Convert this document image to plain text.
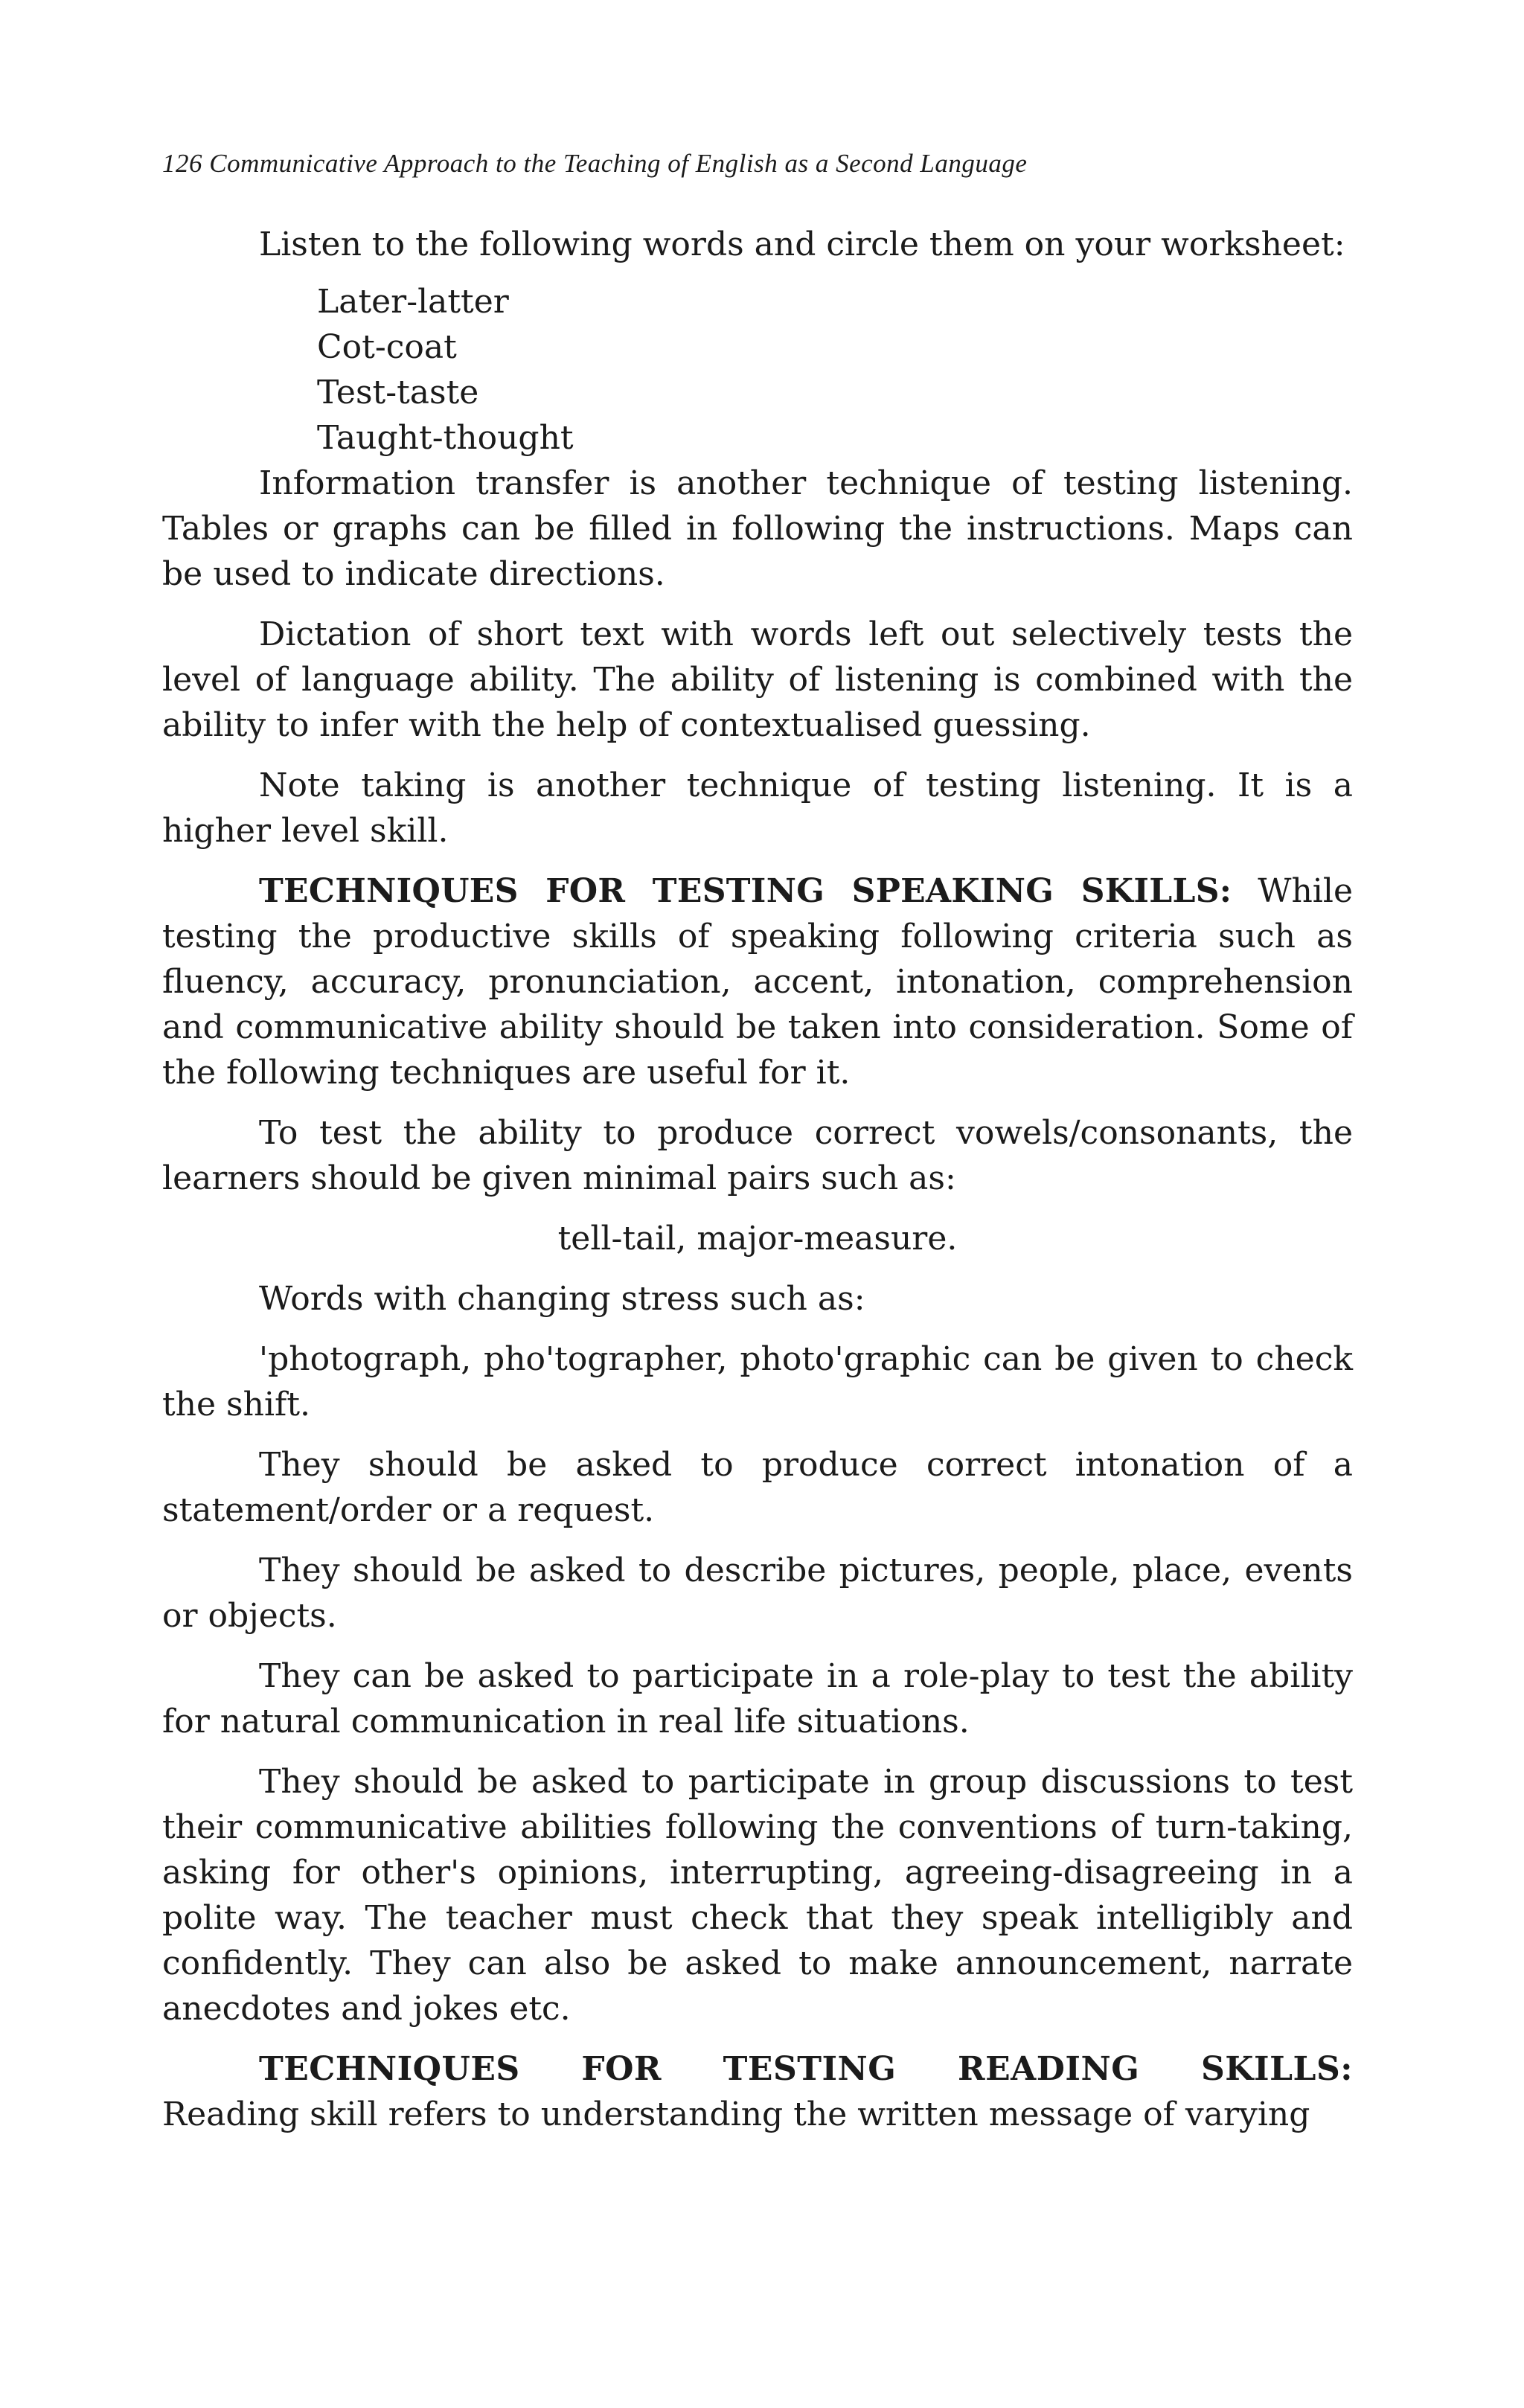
126 Communicative Approach to the Teaching of English as a Second Language

Listen to the following words and circle them on your worksheet:

Later-latter
Cot-coat
Test-taste
Taught-thought

Information transfer is another technique of testing listening. Tables or graphs can be filled in following the instructions. Maps can be used to indicate directions.

Dictation of short text with words left out selectively tests the level of language ability. The ability of listening is combined with the ability to infer with the help of contextualised guessing.

Note taking is another technique of testing listening. It is a higher level skill.

TECHNIQUES FOR TESTING SPEAKING SKILLS: While testing the productive skills of speaking following criteria such as fluency, accuracy, pronunciation, accent, intonation, comprehension and communicative ability should be taken into consideration. Some of the following techniques are useful for it.

To test the ability to produce correct vowels/consonants, the learners should be given minimal pairs such as:

tell-tail, major-measure.

Words with changing stress such as:

'photograph, pho'tographer, photo'graphic can be given to check the shift.

They should be asked to produce correct intonation of a statement/order or a request.

They should be asked to describe pictures, people, place, events or objects.

They can be asked to participate in a role-play to test the ability for natural communication in real life situations.

They should be asked to participate in group discussions to test their communicative abilities following the conventions of turn-taking, asking for other's opinions, interrupting, agreeing-disagreeing in a polite way. The teacher must check that they speak intelligibly and confidently. They can also be asked to make announcement, narrate anecdotes and jokes etc.

TECHNIQUES FOR TESTING READING SKILLS:

Reading skill refers to understanding the written message of varying
